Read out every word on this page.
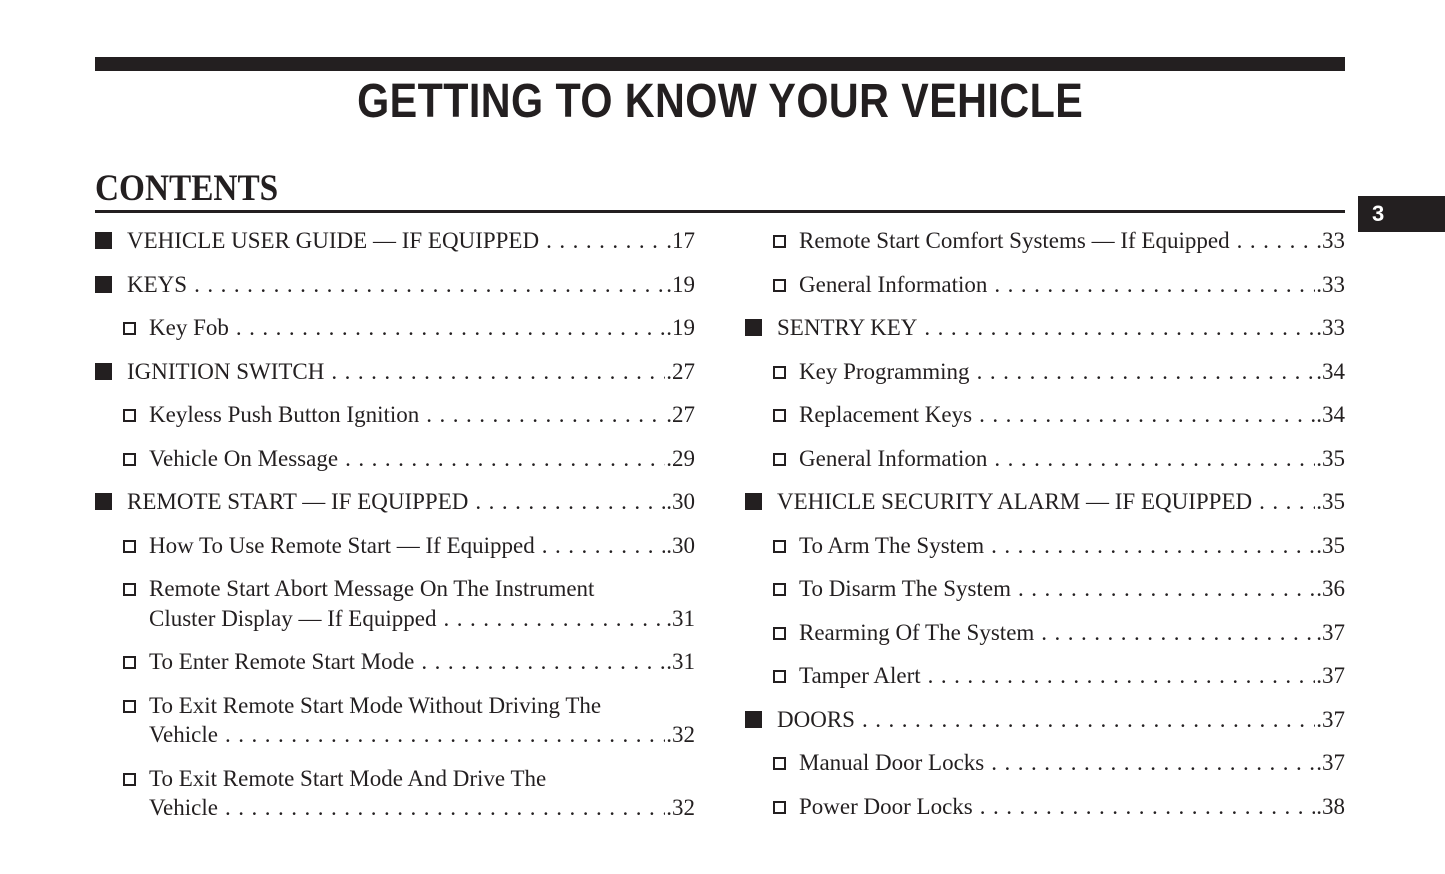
GETTING TO KNOW YOUR VEHICLE
CONTENTS
3
VEHICLE USER GUIDE — IF EQUIPPED .....	. 17
KEYS .....	. 19
Key Fob .....	. 19
IGNITION SWITCH .....	. 27
Keyless Push Button Ignition .....	. 27
Vehicle On Message .....	. 29
REMOTE START — IF EQUIPPED .....	. 30
How To Use Remote Start — If Equipped .....	. 30
Remote Start Abort Message On The Instrument
Cluster Display — If Equipped .....	. 31
To Enter Remote Start Mode .....	. 31
To Exit Remote Start Mode Without Driving The
Vehicle .....	. 32
To Exit Remote Start Mode And Drive The
Vehicle .....	. 32
Remote Start Comfort Systems — If Equipped .....	. 33
General Information .....	. 33
SENTRY KEY .....	. 33
Key Programming .....	. 34
Replacement Keys .....	. 34
General Information .....	. 35
VEHICLE SECURITY ALARM — IF EQUIPPED .....	. 35
To Arm The System .....	. 35
To Disarm The System .....	. 36
Rearming Of The System .....	. 37
Tamper Alert .....	. 37
DOORS .....	. 37
Manual Door Locks .....	. 37
Power Door Locks .....	. 38
